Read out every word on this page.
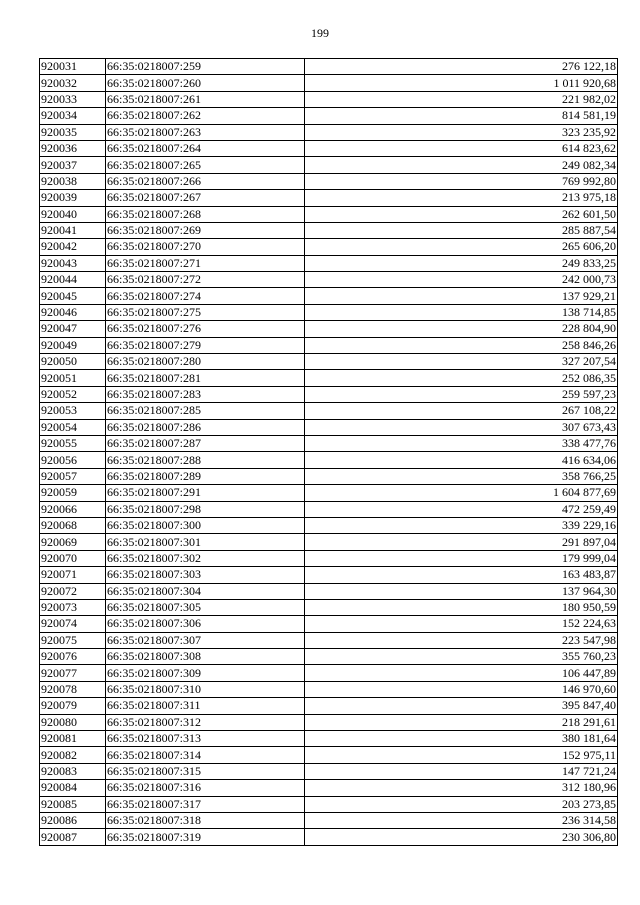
199
920031	66:35:0218007:259	276 122,18
920032	66:35:0218007:260	1 011 920,68
920033	66:35:0218007:261	221 982,02
920034	66:35:0218007:262	814 581,19
920035	66:35:0218007:263	323 235,92
920036	66:35:0218007:264	614 823,62
920037	66:35:0218007:265	249 082,34
920038	66:35:0218007:266	769 992,80
920039	66:35:0218007:267	213 975,18
920040	66:35:0218007:268	262 601,50
920041	66:35:0218007:269	285 887,54
920042	66:35:0218007:270	265 606,20
920043	66:35:0218007:271	249 833,25
920044	66:35:0218007:272	242 000,73
920045	66:35:0218007:274	137 929,21
920046	66:35:0218007:275	138 714,85
920047	66:35:0218007:276	228 804,90
920049	66:35:0218007:279	258 846,26
920050	66:35:0218007:280	327 207,54
920051	66:35:0218007:281	252 086,35
920052	66:35:0218007:283	259 597,23
920053	66:35:0218007:285	267 108,22
920054	66:35:0218007:286	307 673,43
920055	66:35:0218007:287	338 477,76
920056	66:35:0218007:288	416 634,06
920057	66:35:0218007:289	358 766,25
920059	66:35:0218007:291	1 604 877,69
920066	66:35:0218007:298	472 259,49
920068	66:35:0218007:300	339 229,16
920069	66:35:0218007:301	291 897,04
920070	66:35:0218007:302	179 999,04
920071	66:35:0218007:303	163 483,87
920072	66:35:0218007:304	137 964,30
920073	66:35:0218007:305	180 950,59
920074	66:35:0218007:306	152 224,63
920075	66:35:0218007:307	223 547,98
920076	66:35:0218007:308	355 760,23
920077	66:35:0218007:309	106 447,89
920078	66:35:0218007:310	146 970,60
920079	66:35:0218007:311	395 847,40
920080	66:35:0218007:312	218 291,61
920081	66:35:0218007:313	380 181,64
920082	66:35:0218007:314	152 975,11
920083	66:35:0218007:315	147 721,24
920084	66:35:0218007:316	312 180,96
920085	66:35:0218007:317	203 273,85
920086	66:35:0218007:318	236 314,58
920087	66:35:0218007:319	230 306,80
